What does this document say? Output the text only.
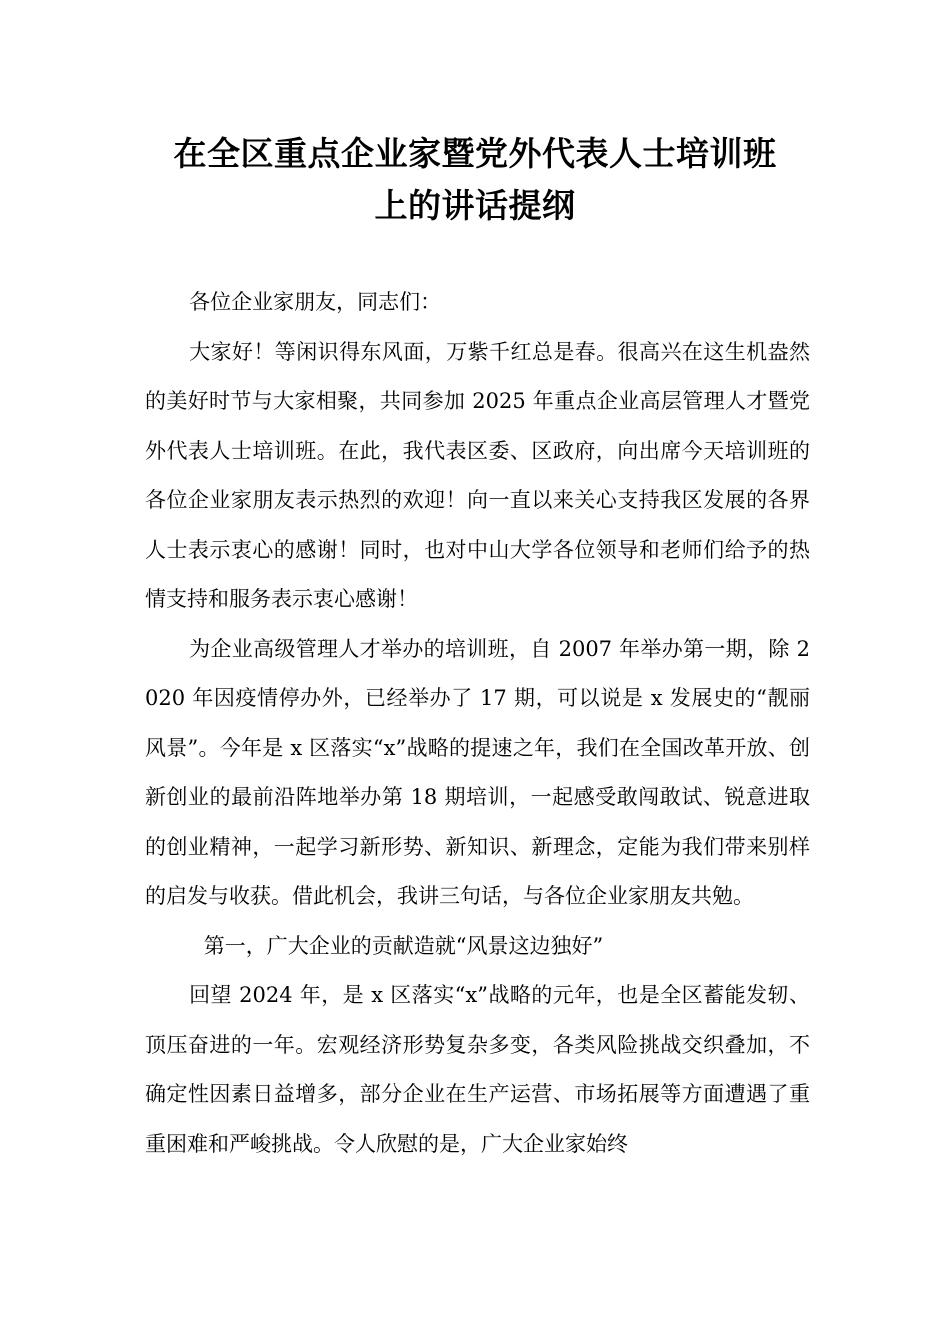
在全区重点企业家暨党外代表人士培训班
上的讲话提纲

各位企业家朋友，同志们：

大家好！等闲识得东风面，万紫千红总是春。很高兴在这生机盎然的美好时节与大家相聚，共同参加 2025 年重点企业高层管理人才暨党外代表人士培训班。在此，我代表区委、区政府，向出席今天培训班的各位企业家朋友表示热烈的欢迎！向一直以来关心支持我区发展的各界人士表示衷心的感谢！同时，也对中山大学各位领导和老师们给予的热情支持和服务表示衷心感谢！

为企业高级管理人才举办的培训班，自 2007 年举办第一期，除 2020 年因疫情停办外，已经举办了 17 期，可以说是 x 发展史的“靓丽风景”。今年是 x 区落实“x”战略的提速之年，我们在全国改革开放、创新创业的最前沿阵地举办第 18 期培训，一起感受敢闯敢试、锐意进取的创业精神，一起学习新形势、新知识、新理念，定能为我们带来别样的启发与收获。借此机会，我讲三句话，与各位企业家朋友共勉。

第一，广大企业的贡献造就“风景这边独好”

回望 2024 年，是 x 区落实“x”战略的元年，也是全区蓄能发轫、顶压奋进的一年。宏观经济形势复杂多变，各类风险挑战交织叠加，不确定性因素日益增多，部分企业在生产运营、市场拓展等方面遭遇了重重困难和严峻挑战。令人欣慰的是，广大企业家始终
